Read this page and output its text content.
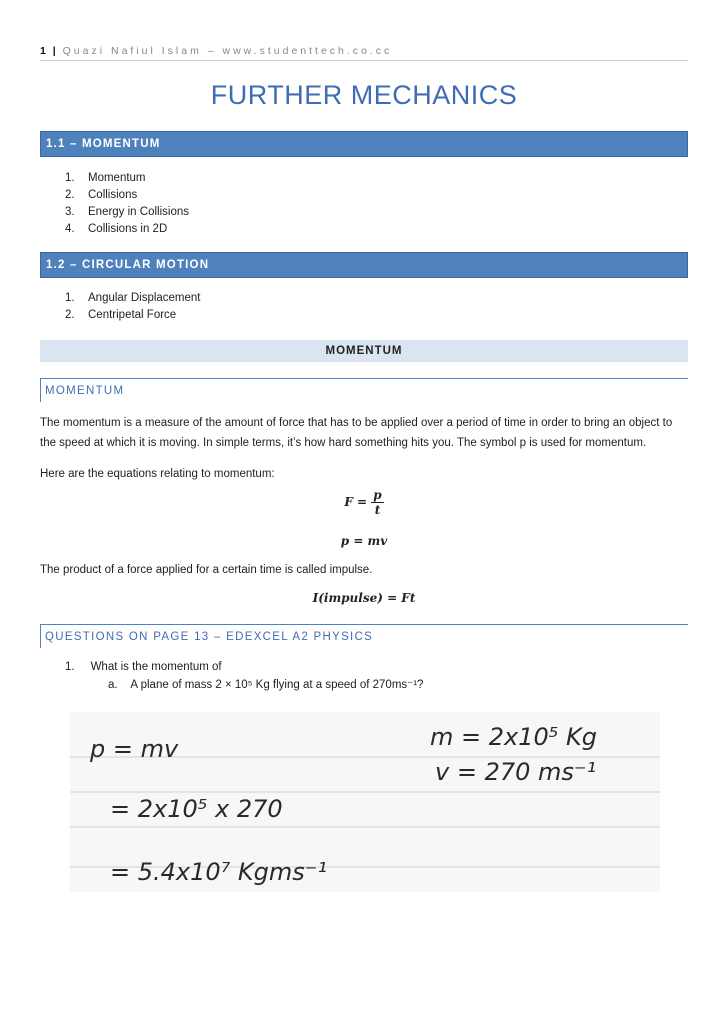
1 | Quazi Nafiul Islam – www.studenttech.co.cc
FURTHER MECHANICS
1.1 – MOMENTUM
1. Momentum
2. Collisions
3. Energy in Collisions
4. Collisions in 2D
1.2 – CIRCULAR MOTION
1. Angular Displacement
2. Centripetal Force
MOMENTUM
MOMENTUM
The momentum is a measure of the amount of force that has to be applied over a period of time in order to bring an object to the speed at which it is moving. In simple terms, it’s how hard something hits you. The symbol p is used for momentum.
Here are the equations relating to momentum:
$F = \frac{p}{t}$
p = mv
The product of a force applied for a certain time is called impulse.
I(impulse) = Ft
QUESTIONS ON PAGE 13 – EDEXCEL A2 PHYSICS
1. What is the momentum of
a. A plane of mass 2 × 10⁵ Kg flying at a speed of 270ms⁻¹?
p = mv	m = 2x10⁵ Kg
v = 270 ms⁻¹
= 2x10⁵ x 270
= 5.4x10⁷ Kgms⁻¹
